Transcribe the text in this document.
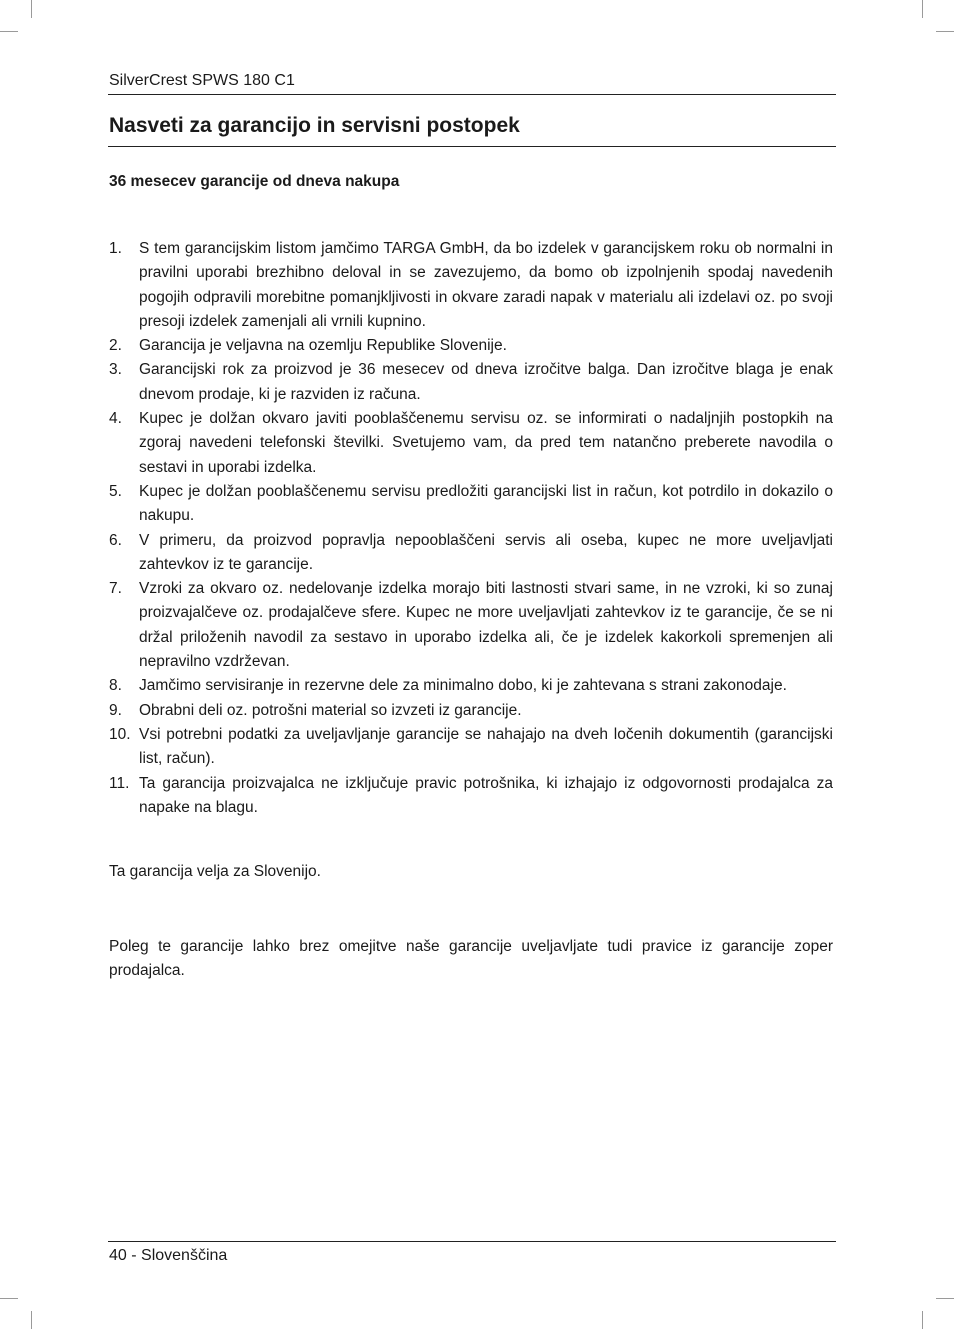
SilverCrest SPWS 180 C1
Nasveti za garancijo in servisni postopek
36 mesecev garancije od dneva nakupa
1. S tem garancijskim listom jamčimo TARGA GmbH, da bo izdelek v garancijskem roku ob normalni in pravilni uporabi brezhibno deloval in se zavezujemo, da bomo ob izpolnjenih spodaj navedenih pogojih odpravili morebitne pomanjkljivosti in okvare zaradi napak v materialu ali izdelavi oz. po svoji presoji izdelek zamenjali ali vrnili kupnino.
2. Garancija je veljavna na ozemlju Republike Slovenije.
3. Garancijski rok za proizvod je 36 mesecev od dneva izročitve balga. Dan izročitve blaga je enak dnevom prodaje, ki je razviden iz računa.
4. Kupec je dolžan okvaro javiti pooblaščenemu servisu oz. se informirati o nadaljnjih postopkih na zgoraj navedeni telefonski številki. Svetujemo vam, da pred tem natančno preberete navodila o sestavi in uporabi izdelka.
5. Kupec je dolžan pooblaščenemu servisu predložiti garancijski list in račun, kot potrdilo in dokazilo o nakupu.
6. V primeru, da proizvod popravlja nepooblaščeni servis ali oseba, kupec ne more uveljavljati zahtevkov iz te garancije.
7. Vzroki za okvaro oz. nedelovanje izdelka morajo biti lastnosti stvari same, in ne vzroki, ki so zunaj proizvajalčeve oz. prodajalčeve sfere. Kupec ne more uveljavljati zahtevkov iz te garancije, če se ni držal priloženih navodil za sestavo in uporabo izdelka ali, če je izdelek kakorkoli spremenjen ali nepravilno vzdrževan.
8. Jamčimo servisiranje in rezervne dele za minimalno dobo, ki je zahtevana s strani zakonodaje.
9. Obrabni deli oz. potrošni material so izvzeti iz garancije.
10. Vsi potrebni podatki za uveljavljanje garancije se nahajajo na dveh ločenih dokumentih (garancijski list, račun).
11. Ta garancija proizvajalca ne izključuje pravic potrošnika, ki izhajajo iz odgovornosti prodajalca za napake na blagu.

Ta garancija velja za Slovenijo.

Poleg te garancije lahko brez omejitve naše garancije uveljavljate tudi pravice iz garancije zoper prodajalca.

40 - Slovenščina
